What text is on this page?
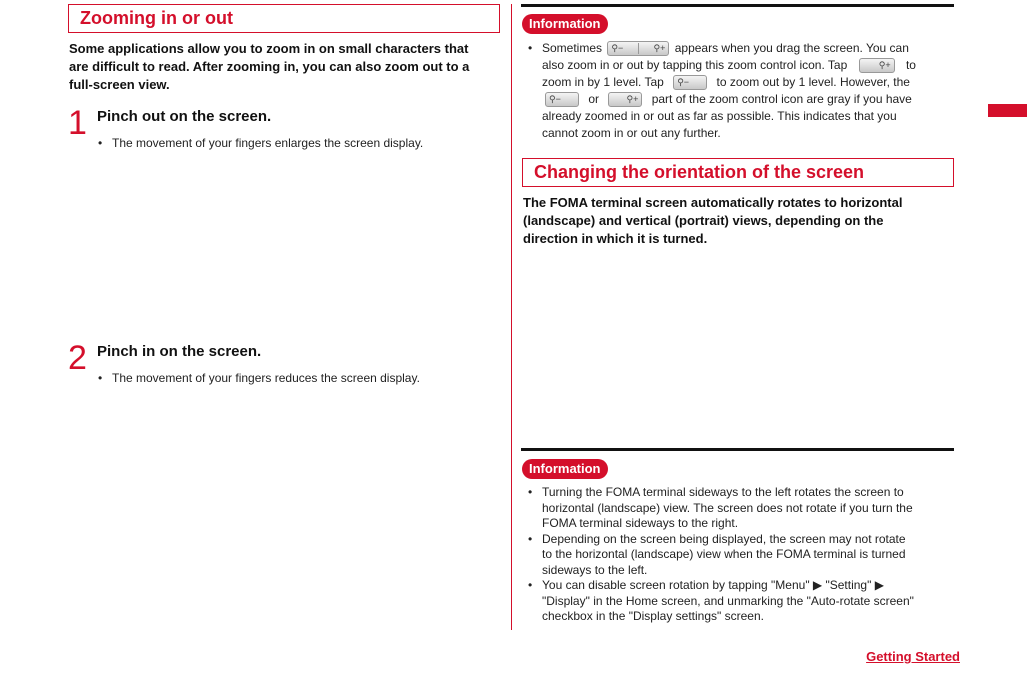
Zooming in or out
Some applications allow you to zoom in on small characters that
are difficult to read. After zooming in, you can also zoom out to a
full-screen view.
1 Pinch out on the screen.
• The movement of your fingers enlarges the screen display.
2 Pinch in on the screen.
• The movement of your fingers reduces the screen display.
Information
• Sometimes ⚲−	⚲+ appears when you drag the screen. You can
also zoom in or out by tapping this zoom control icon. Tap	⚲+ to
zoom in by 1 level. Tap ⚲− to zoom out by 1 level. However, the
⚲− or	⚲+ part of the zoom control icon are gray if you have
already zoomed in or out as far as possible. This indicates that you
cannot zoom in or out any further.
Changing the orientation of the screen
The FOMA terminal screen automatically rotates to horizontal
(landscape) and vertical (portrait) views, depending on the
direction in which it is turned.
Information
• Turning the FOMA terminal sideways to the left rotates the screen to
horizontal (landscape) view. The screen does not rotate if you turn the
FOMA terminal sideways to the right.
• Depending on the screen being displayed, the screen may not rotate
to the horizontal (landscape) view when the FOMA terminal is turned
sideways to the left.
• You can disable screen rotation by tapping "Menu" ▶ "Setting" ▶
"Display" in the Home screen, and unmarking the "Auto-rotate screen"
checkbox in the "Display settings" screen.
Getting Started
